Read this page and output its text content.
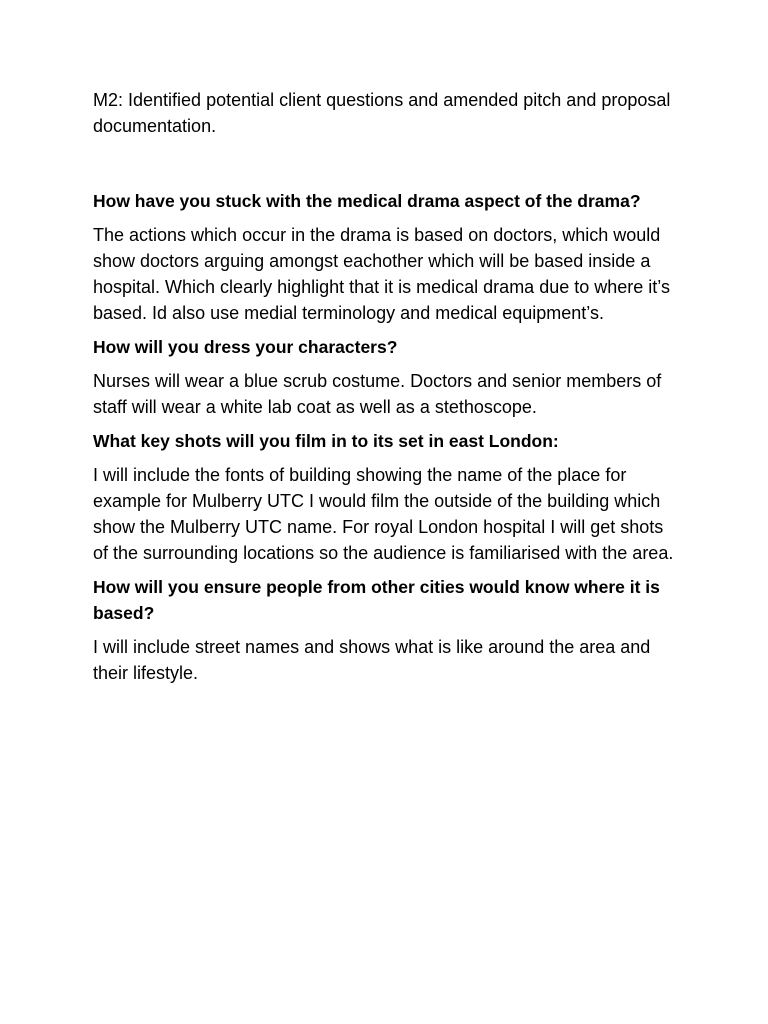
M2: Identified potential client questions and amended pitch and proposal documentation.

How have you stuck with the medical drama aspect of the drama?

The actions which occur in the drama is based on doctors, which would show doctors arguing amongst eachother which will be based inside a hospital. Which clearly highlight that it is medical drama due to where it’s based. Id also use medial terminology and medical equipment’s.

How will you dress your characters?

Nurses will wear a blue scrub costume. Doctors and senior members of staff will wear a white lab coat as well as a stethoscope.

What key shots will you film in to its set in east London:

I will include the fonts of building showing the name of the place for example for Mulberry UTC I would film the outside of the building which show the Mulberry UTC name. For royal London hospital I will get shots of the surrounding locations so the audience is familiarised with the area.

How will you ensure people from other cities would know where it is based?

I will include street names and shows what is like around the area and their lifestyle.
